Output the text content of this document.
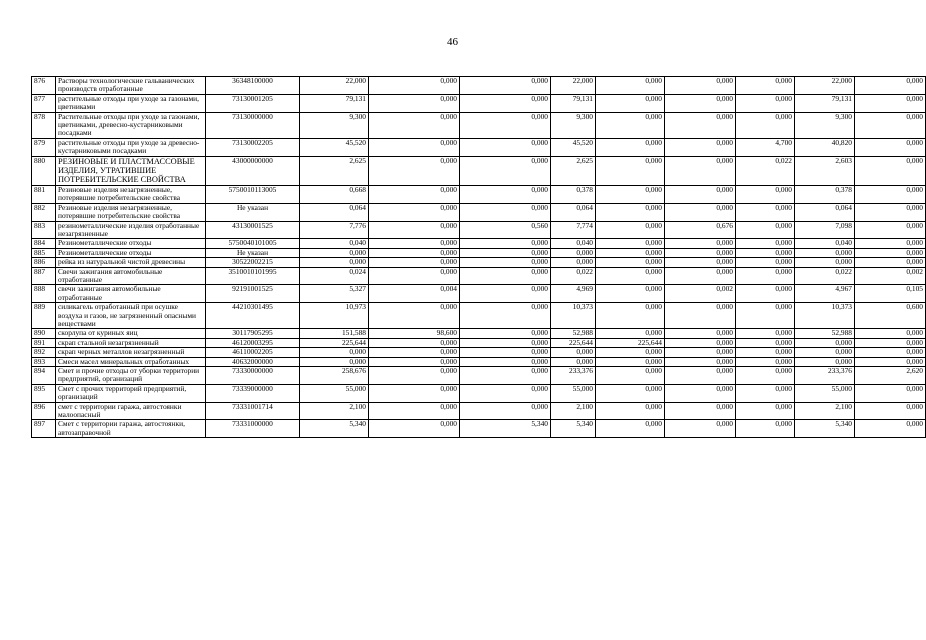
46
876	Растворы технологические гальванических производств отработанные	36348100000	22,000	0,000	0,000	22,000	0,000	0,000	0,000	22,000	0,000
877	растительные отходы при уходе за газонами, цветниками	73130001205	79,131	0,000	0,000	79,131	0,000	0,000	0,000	79,131	0,000
878	Растительные отходы при уходе за газонами, цветниками, древесно-кустарниковыми посадками	73130000000	9,300	0,000	0,000	9,300	0,000	0,000	0,000	9,300	0,000
879	растительные отходы при уходе за древесно-кустарниковыми посадками	73130002205	45,520	0,000	0,000	45,520	0,000	0,000	4,700	40,820	0,000
880	РЕЗИНОВЫЕ И ПЛАСТМАССОВЫЕ ИЗДЕЛИЯ, УТРАТИВШИЕ ПОТРЕБИТЕЛЬСКИЕ СВОЙСТВА	43000000000	2,625	0,000	0,000	2,625	0,000	0,000	0,022	2,603	0,000
881	Резиновые изделия незагрязненные, потерявшие потребительские свойства	5750010113005	0,668	0,000	0,000	0,378	0,000	0,000	0,000	0,378	0,000
882	Резиновые изделия незагрязненные, потерявшие потребительские свойства	Не указан	0,064	0,000	0,000	0,064	0,000	0,000	0,000	0,064	0,000
883	резинометаллические изделия отработанные незагрязненные	43130001525	7,776	0,000	0,560	7,774	0,000	0,676	0,000	7,098	0,000
884	Резинометаллические отходы	5750040101005	0,040	0,000	0,000	0,040	0,000	0,000	0,000	0,040	0,000
885	Резинометаллические отходы	Не указан	0,000	0,000	0,000	0,000	0,000	0,000	0,000	0,000	0,000
886	рейка из натуральной чистой древесины	30522002215	0,000	0,000	0,000	0,000	0,000	0,000	0,000	0,000	0,000
887	Свечи зажигания автомобильные отработанные	3510010101995	0,024	0,000	0,000	0,022	0,000	0,000	0,000	0,022	0,002
888	свечи зажигания автомобильные отработанные	92191001525	5,327	0,004	0,000	4,969	0,000	0,002	0,000	4,967	0,105
889	силикагель отработанный при осушке воздуха и газов, не загрязненный опасными веществами	44210301495	10,973	0,000	0,000	10,373	0,000	0,000	0,000	10,373	0,600
890	скорлупа от куриных яиц	30117905295	151,588	98,600	0,000	52,988	0,000	0,000	0,000	52,988	0,000
891	скрап стальной незагрязненный	46120003295	225,644	0,000	0,000	225,644	225,644	0,000	0,000	0,000	0,000
892	скрап черных металлов незагрязненный	46110002205	0,000	0,000	0,000	0,000	0,000	0,000	0,000	0,000	0,000
893	Смеси масел минеральных отработанных	40632000000	0,000	0,000	0,000	0,000	0,000	0,000	0,000	0,000	0,000
894	Смет и прочие отходы от уборки территории предприятий, организаций	73330000000	258,676	0,000	0,000	233,376	0,000	0,000	0,000	233,376	2,620
895	Смет с прочих территорий предприятий, организаций	73339000000	55,000	0,000	0,000	55,000	0,000	0,000	0,000	55,000	0,000
896	смет с территории гаража, автостоянки малоопасный	73331001714	2,100	0,000	0,000	2,100	0,000	0,000	0,000	2,100	0,000
897	Смет с территории гаража, автостоянки, автозаправочной	73331000000	5,340	0,000	5,340	5,340	0,000	0,000	0,000	5,340	0,000
